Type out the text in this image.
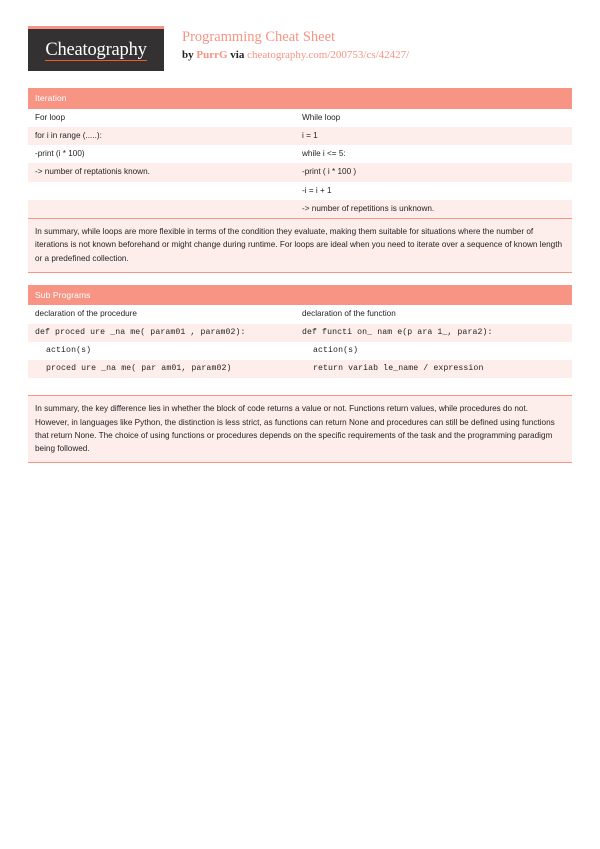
Cheatography
Programming Cheat Sheet
by PurrG via cheatography.com/200753/cs/42427/
Iteration
For loop	While loop
for i in range (.....):	i = 1
-print (i * 100)	while i <= 5:
-> number of reptationis known.	-print ( i * 100 )
	-i = i + 1
	-> number of repetitions is unknown.
In summary, while loops are more flexible in terms of the condition they evaluate, making them suitable for situations where the number of iterations is not known beforehand or might change during runtime. For loops are ideal when you need to iterate over a sequence of known length or a predefined collection.
Sub Programs
declaration of the procedure	declaration of the function
def proced ure _na me( param01 , param02):	def functi on_ nam e(p ara 1_, para2):
action(s)	action(s)
proced ure _na me( par am01, param02)	return variab le_name / expression

In summary, the key difference lies in whether the block of code returns a value or not. Functions return values, while procedures do not. However, in languages like Python, the distinction is less strict, as functions can return None and procedures can still be defined using functions that return None. The choice of using functions or procedures depends on the specific requirements of the task and the programming paradigm being followed.
